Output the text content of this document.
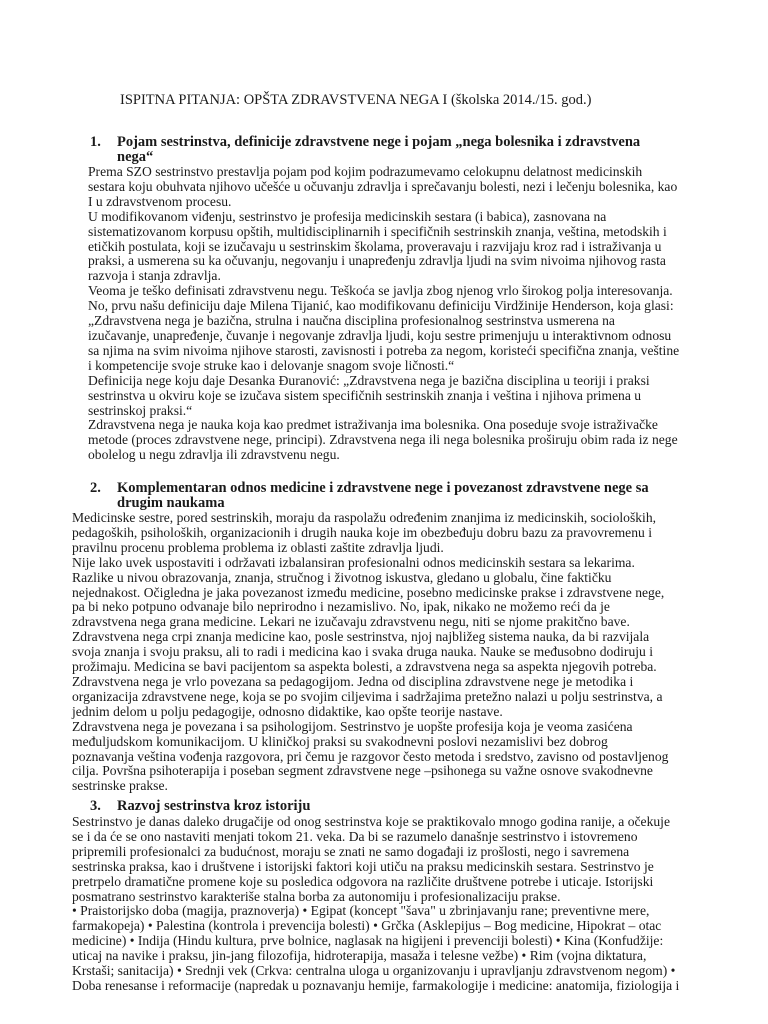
ISPITNA PITANJA: OPŠTA ZDRAVSTVENA NEGA I (školska 2014./15. god.)
1. Pojam sestrinstva, definicije zdravstvene nege i pojam „nega bolesnika i zdravstvena
nega“
Prema SZO sestrinstvo prestavlja pojam pod kojim podrazumevamo celokupnu delatnost medicinskih
sestara koju obuhvata njihovo učešće u očuvanju zdravlja i sprečavanju bolesti, nezi i lečenju bolesnika, kao
I u zdravstvenom procesu.
U modifikovanom viđenju, sestrinstvo je profesija medicinskih sestara (i babica), zasnovana na
sistematizovanom korpusu opštih, multidisciplinarnih i specifičnih sestrinskih znanja, veština, metodskih i
etičkih postulata, koji se izučavaju u sestrinskim školama, proveravaju i razvijaju kroz rad i istraživanja u
praksi, a usmerena su ka očuvanju, negovanju i unapređenju zdravlja ljudi na svim nivoima njihovog rasta
razvoja i stanja zdravlja.
Veoma je teško definisati zdravstvenu negu. Teškoća se javlja zbog njenog vrlo širokog polja interesovanja.
No, prvu našu definiciju daje Milena Tijanić, kao modifikovanu definiciju Virdžinije Henderson, koja glasi:
„Zdravstvena nega je bazična, strulna i naučna disciplina profesionalnog sestrinstva usmerena na
izučavanje, unapređenje, čuvanje i negovanje zdravlja ljudi, koju sestre primenjuju u interaktivnom odnosu
sa njima na svim nivoima njihove starosti, zavisnosti i potreba za negom, koristeći specifična znanja, veštine
i kompetencije svoje struke kao i delovanje snagom svoje ličnosti.“
Definicija nege koju daje Desanka Đuranović: „Zdravstvena nega je bazična disciplina u teoriji i praksi
sestrinstva u okviru koje se izučava sistem specifičnih sestrinskih znanja i veština i njihova primena u
sestrinskoj praksi.“
Zdravstvena nega je nauka koja kao predmet istraživanja ima bolesnika. Ona poseduje svoje istraživačke
metode (proces zdravstvene nege, principi). Zdravstvena nega ili nega bolesnika proširuju obim rada iz nege
obolelog u negu zdravlja ili zdravstvenu negu.
2. Komplementaran odnos medicine i zdravstvene nege i povezanost zdravstvene nege sa
drugim naukama
Medicinske sestre, pored sestrinskih, moraju da raspolažu određenim znanjima iz medicinskih, socioloških,
pedagoških, psiholoških, organizacionih i drugih nauka koje im obezbeđuju dobru bazu za pravovremenu i
pravilnu procenu problema problema iz oblasti zaštite zdravlja ljudi.
Nije lako uvek uspostaviti i održavati izbalansiran profesionalni odnos medicinskih sestara sa lekarima.
Razlike u nivou obrazovanja, znanja, stručnog i životnog iskustva, gledano u globalu, čine faktičku
nejednakost. Očigledna je jaka povezanost između medicine, posebno medicinske prakse i zdravstvene nege,
pa bi neko potpuno odvanaje bilo neprirodno i nezamislivo. No, ipak, nikako ne možemo reći da je
zdravstvena nega grana medicine. Lekari ne izučavaju zdravstvenu negu, niti se njome prakitčno bave.
Zdravstvena nega crpi znanja medicine kao, posle sestrinstva, njoj najbližeg sistema nauka, da bi razvijala
svoja znanja i svoju praksu, ali to radi i medicina kao i svaka druga nauka. Nauke se međusobno dodiruju i
prožimaju. Medicina se bavi pacijentom sa aspekta bolesti, a zdravstvena nega sa aspekta njegovih potreba.
Zdravstvena nega je vrlo povezana sa pedagogijom. Jedna od disciplina zdravstvene nege je metodika i
organizacija zdravstvene nege, koja se po svojim ciljevima i sadržajima pretežno nalazi u polju sestrinstva, a
jednim delom u polju pedagogije, odnosno didaktike, kao opšte teorije nastave.
Zdravstvena nega je povezana i sa psihologijom. Sestrinstvo je uopšte profesija koja je veoma zasićena
međuljudskom komunikacijom. U kliničkoj praksi su svakodnevni poslovi nezamislivi bez dobrog
poznavanja veština vođenja razgovora, pri čemu je razgovor često metoda i sredstvo, zavisno od postavljenog
cilja. Površna psihoterapija i poseban segment zdravstvene nege –psihonega su važne osnove svakodnevne
sestrinske prakse.
3. Razvoj sestrinstva kroz istoriju
Sestrinstvo je danas daleko drugačije od onog sestrinstva koje se praktikovalo mnogo godina ranije, a očekuje
se i da će se ono nastaviti menjati tokom 21. veka. Da bi se razumelo današnje sestrinstvo i istovremeno
pripremili profesionalci za budućnost, moraju se znati ne samo događaji iz prošlosti, nego i savremena
sestrinska praksa, kao i društvene i istorijski faktori koji utiču na praksu medicinskih sestara. Sestrinstvo je
pretrpelo dramatične promene koje su posledica odgovora na različite društvene potrebe i uticaje. Istorijski
posmatrano sestrinstvo karakteriše stalna borba za autonomiju i profesionalizaciju prakse.
• Praistorijsko doba (magija, praznoverja) • Egipat (koncept "šava" u zbrinjavanju rane; preventivne mere,
farmakopeja) • Palestina (kontrola i prevencija bolesti) • Grčka (Asklepijus – Bog medicine, Hipokrat – otac
medicine) • Indija (Hindu kultura, prve bolnice, naglasak na higijeni i prevenciji bolesti) • Kina (Konfudžije:
uticaj na navike i praksu, jin-jang filozofija, hidroterapija, masaža i telesne vežbe) • Rim (vojna diktatura,
Krstaši; sanitacija) • Srednji vek (Crkva: centralna uloga u organizovanju i upravljanju zdravstvenom negom) •
Doba renesanse i reformacije (napredak u poznavanju hemije, farmakologije i medicine: anatomija, fiziologija i
